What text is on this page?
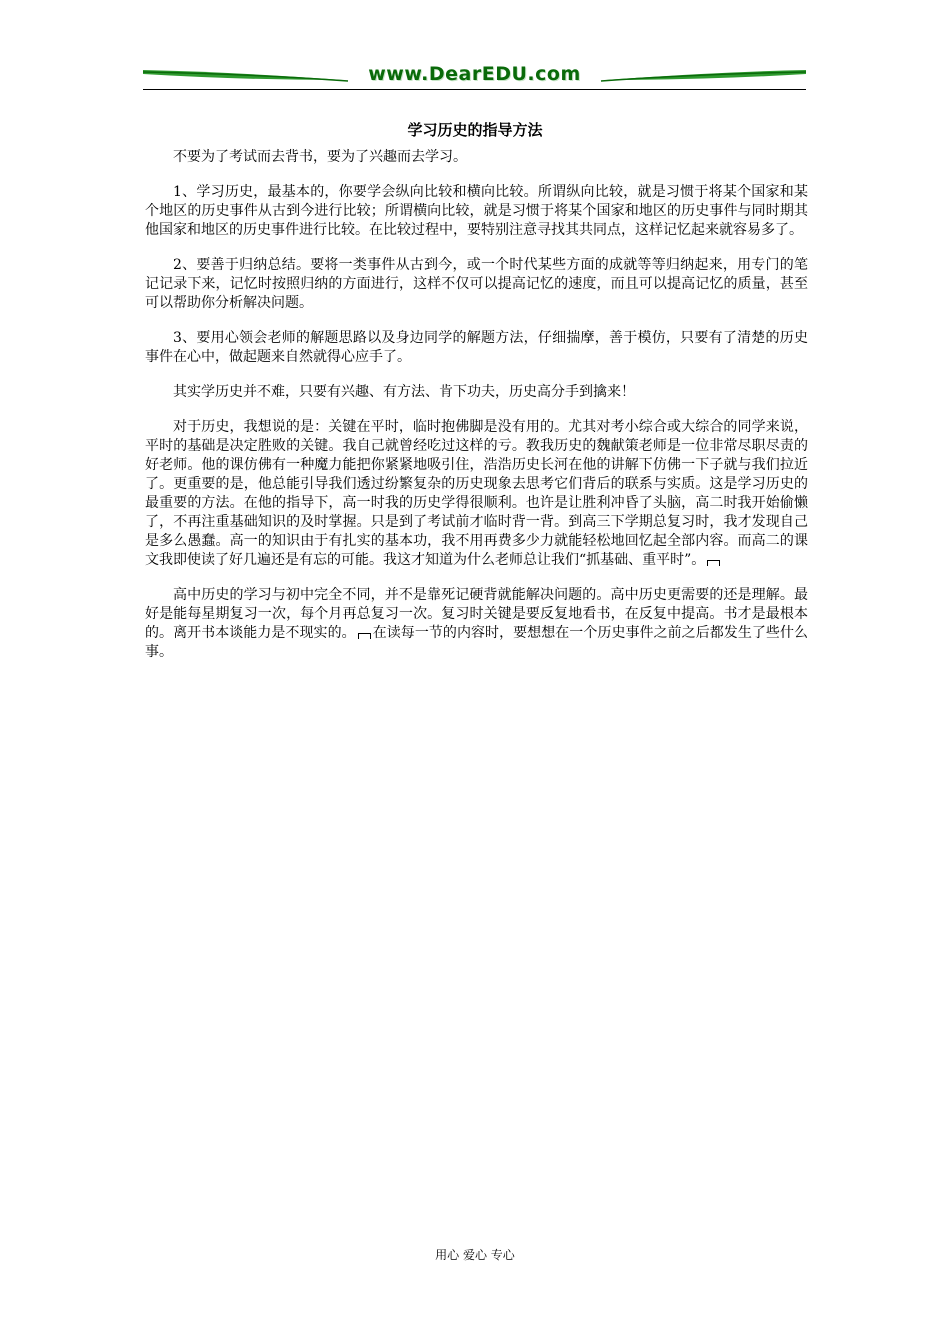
www.DearEDU.com
学习历史的指导方法

不要为了考试而去背书，要为了兴趣而去学习。

1、学习历史，最基本的，你要学会纵向比较和横向比较。所谓纵向比较，就是习惯于将某个国家和某个地区的历史事件从古到今进行比较；所谓横向比较，就是习惯于将某个国家和地区的历史事件与同时期其他国家和地区的历史事件进行比较。在比较过程中，要特别注意寻找其共同点，这样记忆起来就容易多了。

2、要善于归纳总结。要将一类事件从古到今，或一个时代某些方面的成就等等归纳起来，用专门的笔记记录下来，记忆时按照归纳的方面进行，这样不仅可以提高记忆的速度，而且可以提高记忆的质量，甚至可以帮助你分析解决问题。

3、要用心领会老师的解题思路以及身边同学的解题方法，仔细揣摩，善于模仿，只要有了清楚的历史事件在心中，做起题来自然就得心应手了。

其实学历史并不难，只要有兴趣、有方法、肯下功夫，历史高分手到擒来！

对于历史，我想说的是：关键在平时，临时抱佛脚是没有用的。尤其对考小综合或大综合的同学来说，平时的基础是决定胜败的关键。我自己就曾经吃过这样的亏。教我历史的魏献策老师是一位非常尽职尽责的好老师。他的课仿佛有一种魔力能把你紧紧地吸引住，浩浩历史长河在他的讲解下仿佛一下子就与我们拉近了。更重要的是，他总能引导我们透过纷繁复杂的历史现象去思考它们背后的联系与实质。这是学习历史的最重要的方法。在他的指导下，高一时我的历史学得很顺利。也许是让胜利冲昏了头脑，高二时我开始偷懒了，不再注重基础知识的及时掌握。只是到了考试前才临时背一背。到高三下学期总复习时，我才发现自己是多么愚蠢。高一的知识由于有扎实的基本功，我不用再费多少力就能轻松地回忆起全部内容。而高二的课文我即使读了好几遍还是有忘的可能。我这才知道为什么老师总让我们“抓基础、重平时”。

高中历史的学习与初中完全不同，并不是靠死记硬背就能解决问题的。高中历史更需要的还是理解。最好是能每星期复习一次，每个月再总复习一次。复习时关键是要反复地看书，在反复中提高。书才是最根本的。离开书本谈能力是不现实的。 在读每一节的内容时，要想想在一个历史事件之前之后都发生了些什么事。

用心 爱心 专心
